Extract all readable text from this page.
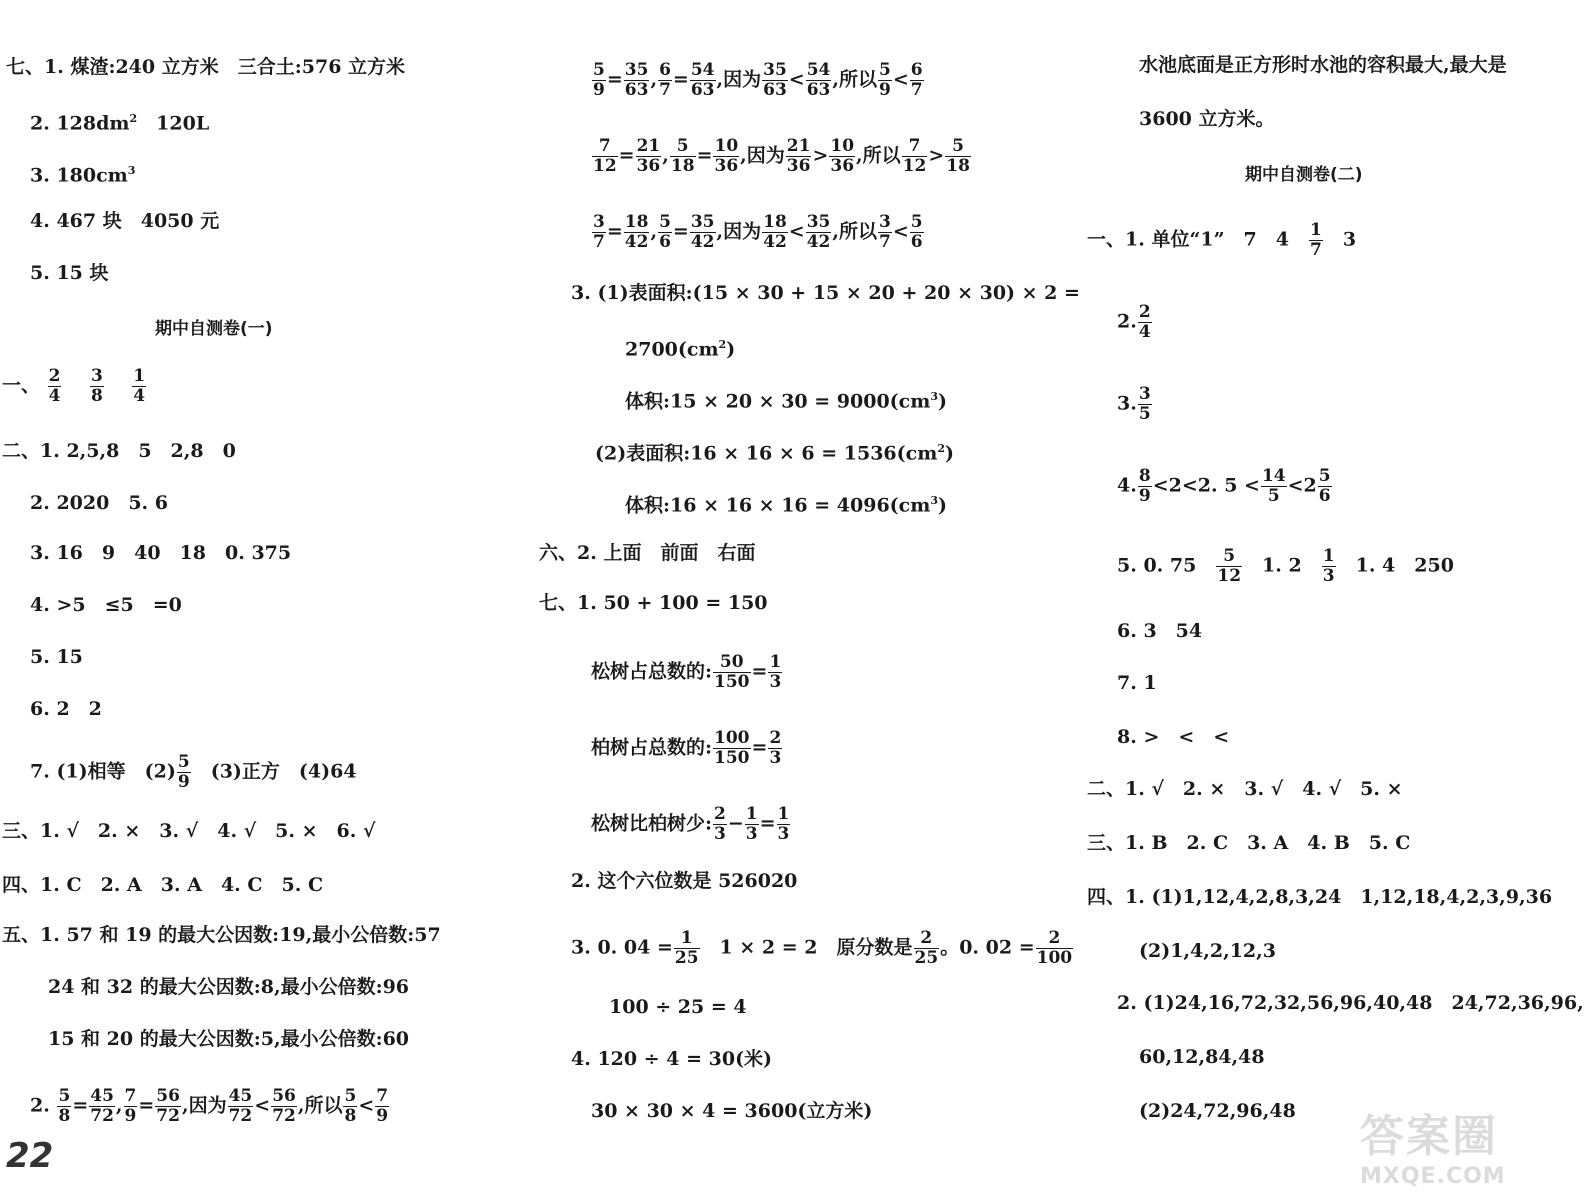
七、1. 煤渣:240 立方米　三合土:576 立方米
2. $128dm^2$　120L
3. $180cm^3$
4. 467 块　4050 元
5. 15 块
期中自测卷(一)
一、 $\frac{2}{4}$
$\frac{3}{8}$
$\frac{1}{4}$
二、1. 2,5,8　5　2,8　0
2. 2020　5. 6
3. 16　9　40　18　0. 375
4. >5　≤5　=0
5. 15
6. 2　2
7. (1)相等　$(2) \frac{5}{9}$ 　(3)正方　(4)64
三、1. √　2. ×　3. √　4. √　5. ×　6. √
四、1. C　2. A　3. A　4. C　5. C
五、1. 57 和 19 的最大公因数:19,最小公倍数:57
24 和 32 的最大公因数:8,最小公倍数:96
15 和 20 的最大公因数:5,最小公倍数:60
2. $\frac{5}{8} = \frac{45}{72}$ , $\frac{7}{9} = \frac{56}{72}$ ,因为 $\frac{45}{72} < \frac{56}{72}$ ,所以 $\frac{5}{8} < \frac{7}{9}$
22
$\frac{5}{9} = \frac{35}{63}$ , $\frac{6}{7} = \frac{54}{63}$ ,因为 $\frac{35}{63} < \frac{54}{63}$ ,所以 $\frac{5}{9} < \frac{6}{7}$
$\frac{7}{12} = \frac{21}{36}$ , $\frac{5}{18} = \frac{10}{36}$ ,因为 $\frac{21}{36} > \frac{10}{36}$ ,所以 $\frac{7}{12} > \frac{5}{18}$
$\frac{3}{7} = \frac{18}{42}$ , $\frac{5}{6} = \frac{35}{42}$ ,因为 $\frac{18}{42} < \frac{35}{42}$ ,所以 $\frac{3}{7} < \frac{5}{6}$
3. (1)表面积:(15 × 30 + 15 × 20 + 20 × 30) × 2 =
$2700(cm^2)$
体积:15 × $20 \times 30 = 9000(cm^3)$
(2)表面积:16 × $16 \times 6 = 1536(cm^2)$
体积:16 × $16 \times 16 = 4096(cm^3)$
六、2. 上面　前面　右面
七、1. 50 + 100 = 150
松树占总数的: $\frac{50}{150} = \frac{1}{3}$
柏树占总数的: $\frac{100}{150} = \frac{2}{3}$
松树比柏树少: $\frac{2}{3} - \frac{1}{3} = \frac{1}{3}$
2. 这个六位数是 526020
3. 0. $04 = \frac{1}{25}$ 　1 × 2 = 2　原分数是 $\frac{2}{25}$ 。0. $02 = \frac{2}{100}$
100 ÷ 25 = 4
4. 120 ÷ 4 = 30(米)
30 × 30 × 4 = 3600(立方米)
水池底面是正方形时水池的容积最大,最大是
3600 立方米。
期中自测卷(二)
一、1. 单位“1”　7　4　 $\frac{1}{7}$
　 3
2. $\frac{2}{4}$
3. $\frac{3}{5}$
4. $\frac{8}{9} <2<2$. $5 < \frac{14}{5} <2 \frac{5}{6}$
5. 0. 75　 $\frac{5}{12}$
　 1. 2　 $\frac{1}{3}$
　 1. 4　250
6. 3　54
7. 1
8. >　<　<
二、1. √　2. ×　3. √　4. √　5. ×
三、1. B　2. C　3. A　4. B　5. C
四、1. (1)1,12,4,2,8,3,24　1,12,18,4,2,3,9,36
(2)1,4,2,12,3
2. (1)24,16,72,32,56,96,40,48　24,72,36,96,
60,12,84,48
(2)24,72,96,48 答案圈
MXQE.COM
